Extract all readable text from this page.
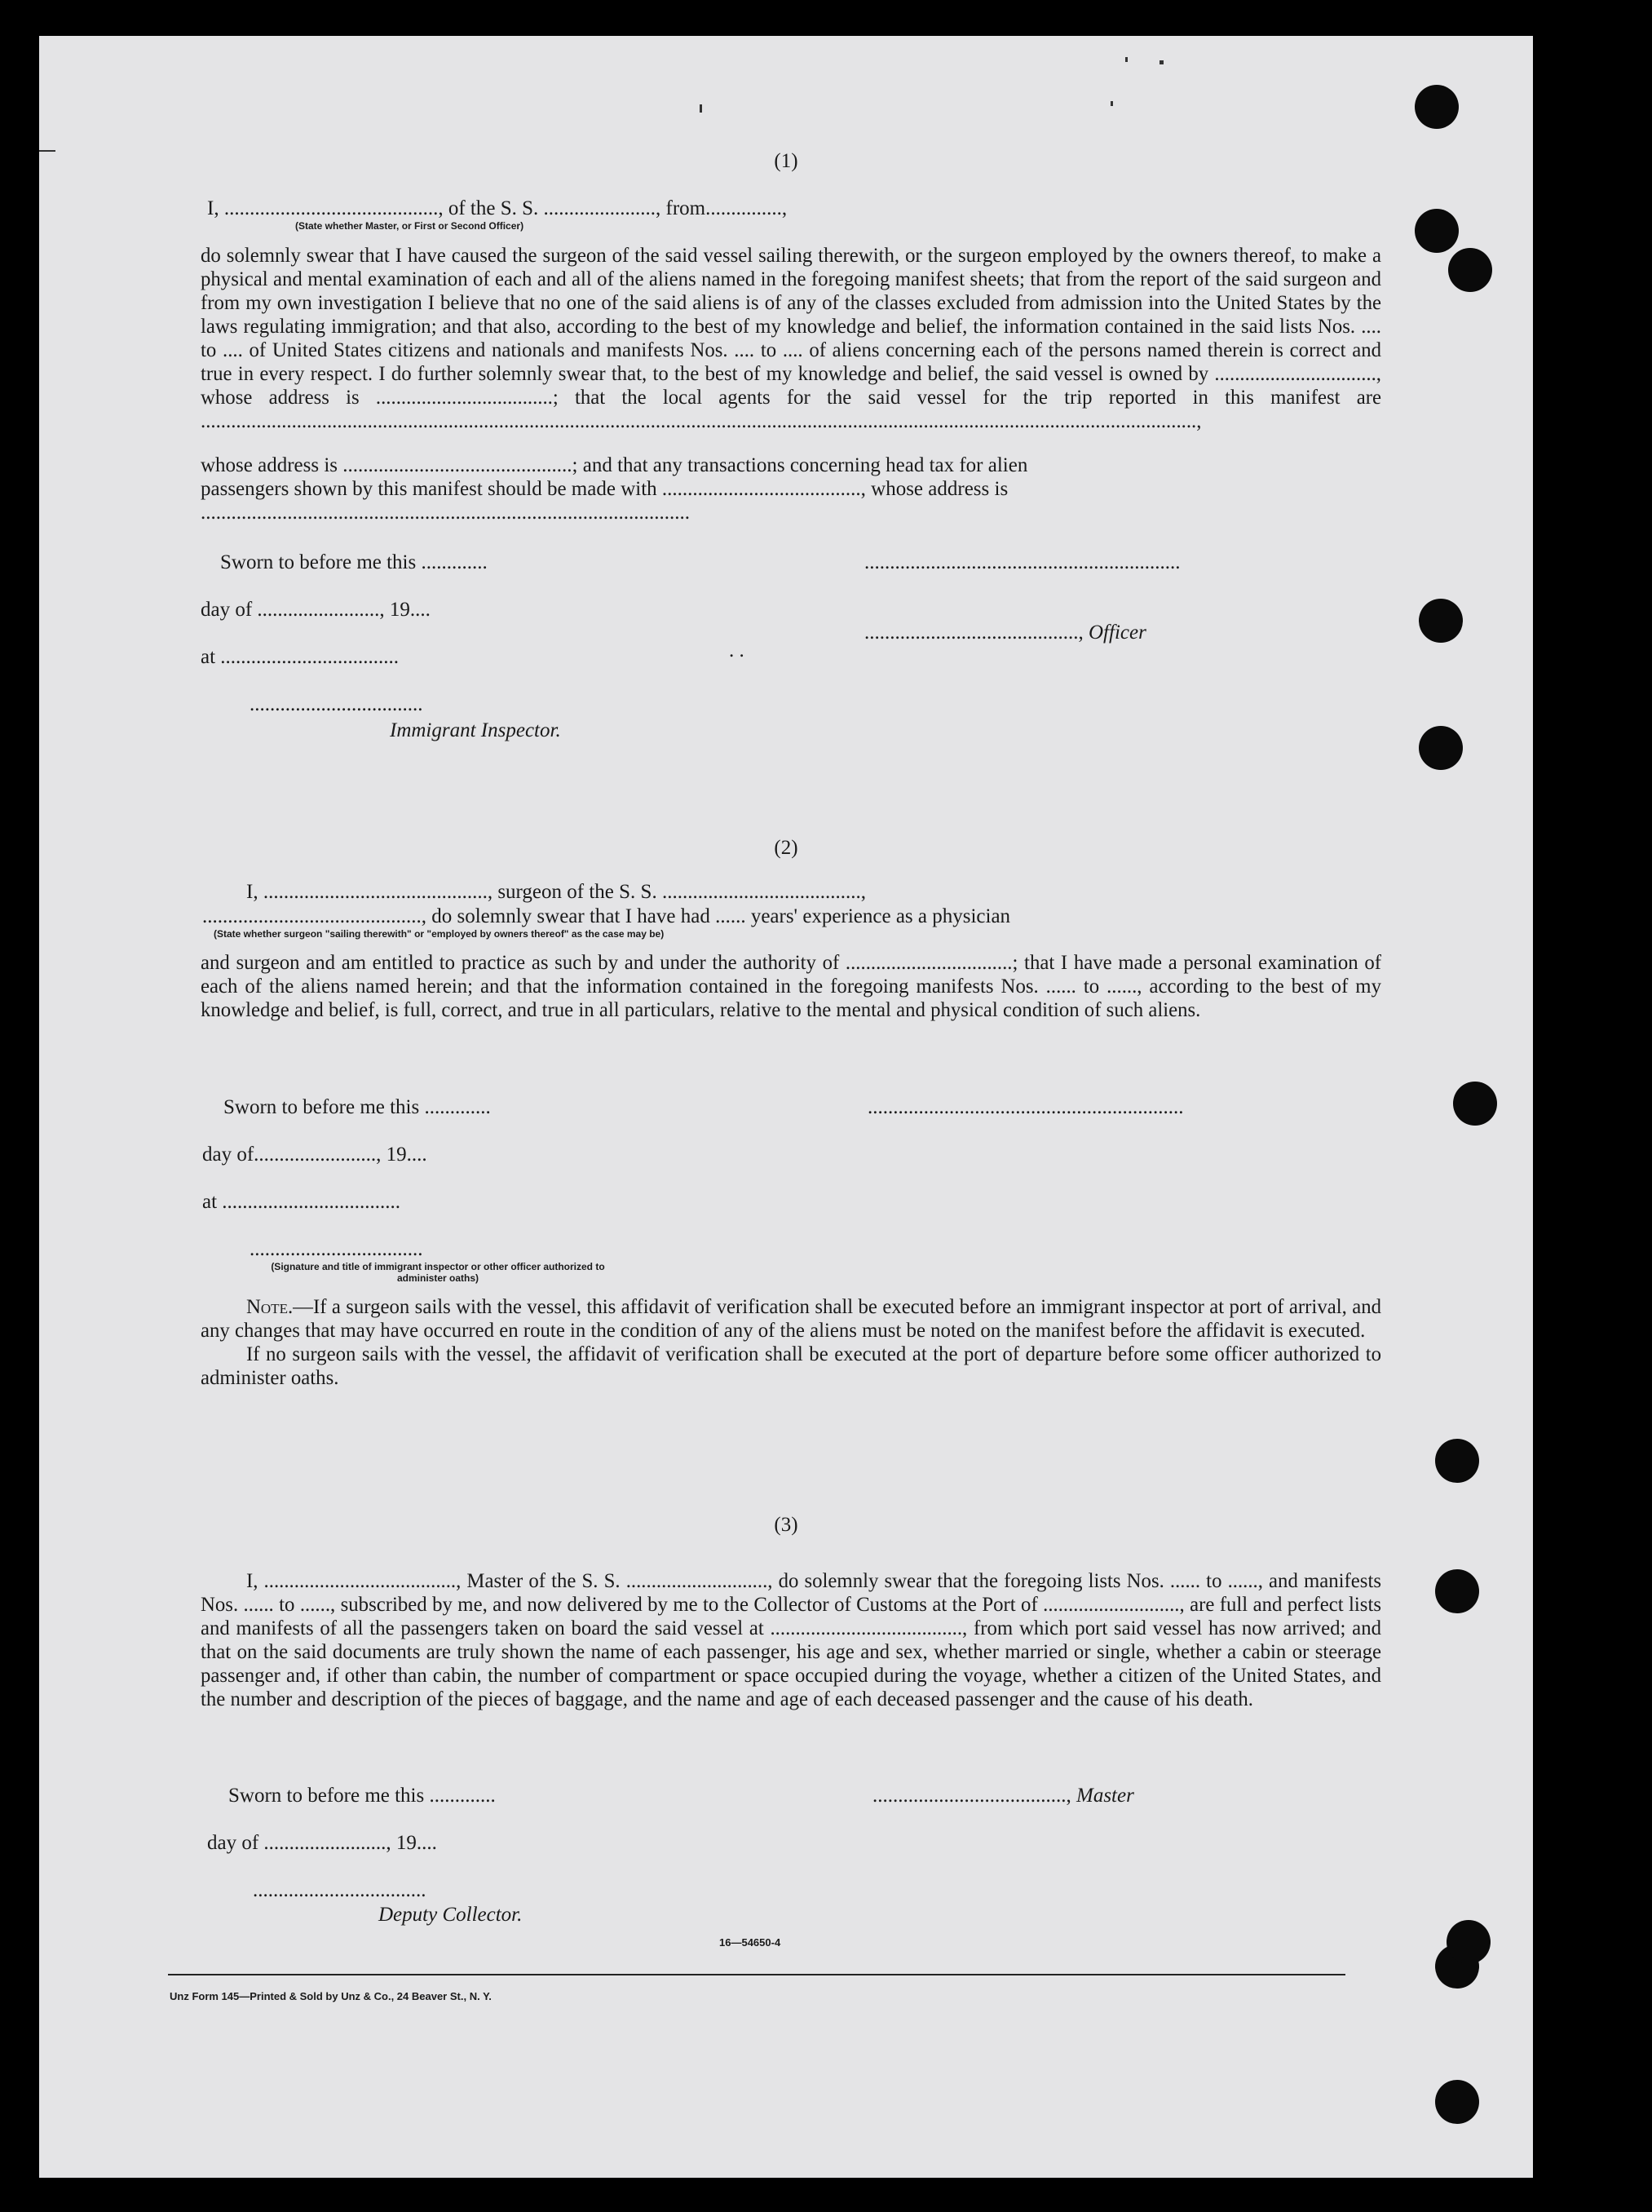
(1)
I, .........................................., of the S. S. ......................, from...............,
(State whether Master, or First or Second Officer)

do solemnly swear that I have caused the surgeon of the said vessel sailing therewith, or the surgeon employed by the owners thereof, to make a physical and mental examination of each and all of the aliens named in the foregoing manifest sheets; that from the report of the said surgeon and from my own investigation I believe that no one of the said aliens is of any of the classes excluded from admission into the United States by the laws regulating immigration; and that also, according to the best of my knowledge and belief, the information contained in the said lists Nos. .... to .... of United States citizens and nationals and manifests Nos. .... to .... of aliens concerning each of the persons named therein is correct and true in every respect. I do further solemnly swear that, to the best of my knowledge and belief, the said vessel is owned by ................................, whose address is ...................................; that the local agents for the said vessel for the trip reported in this manifest are .....................................................................................................................................................................................................,

whose address is .............................................; and that any transactions concerning head tax for alien
passengers shown by this manifest should be made with ......................................., whose address is
................................................................................................
Sworn to before me this .............	..............................................................
day of ........................, 19....
.........................................., Officer
at ...................................	. .
..................................
Immigrant Inspector.
(2)
I, ............................................, surgeon of the S. S. .......................................,
..........................................., do solemnly swear that I have had ...... years' experience as a physician
(State whether surgeon "sailing therewith" or "employed by owners thereof" as the case may be)

and surgeon and am entitled to practice as such by and under the authority of .................................; that I have made a personal examination of each of the aliens named herein; and that the information contained in the foregoing manifests Nos. ...... to ......, according to the best of my knowledge and belief, is full, correct, and true in all particulars, relative to the mental and physical condition of such aliens.

Sworn to before me this .............	..............................................................
day of........................, 19....
at ...................................
..................................
(Signature and title of immigrant inspector or other officer authorized to administer oaths)

Note.—If a surgeon sails with the vessel, this affidavit of verification shall be executed before an immigrant inspector at port of arrival, and any changes that may have occurred en route in the condition of any of the aliens must be noted on the manifest before the affidavit is executed.

If no surgeon sails with the vessel, the affidavit of verification shall be executed at the port of departure before some officer authorized to administer oaths.

(3)

I, ......................................, Master of the S. S. ............................, do solemnly swear that the foregoing lists Nos. ...... to ......, and manifests Nos. ...... to ......, subscribed by me, and now delivered by me to the Collector of Customs at the Port of ..........................., are full and perfect lists and manifests of all the passengers taken on board the said vessel at ......................................, from which port said vessel has now arrived; and that on the said documents are truly shown the name of each passenger, his age and sex, whether married or single, whether a cabin or steerage passenger and, if other than cabin, the number of compartment or space occupied during the voyage, whether a citizen of the United States, and the number and description of the pieces of baggage, and the name and age of each deceased passenger and the cause of his death.

Sworn to before me this .............	......................................, Master
day of ........................, 19....
..................................
Deputy Collector.
16—54650-4
Unz Form 145—Printed & Sold by Unz & Co., 24 Beaver St., N. Y.
